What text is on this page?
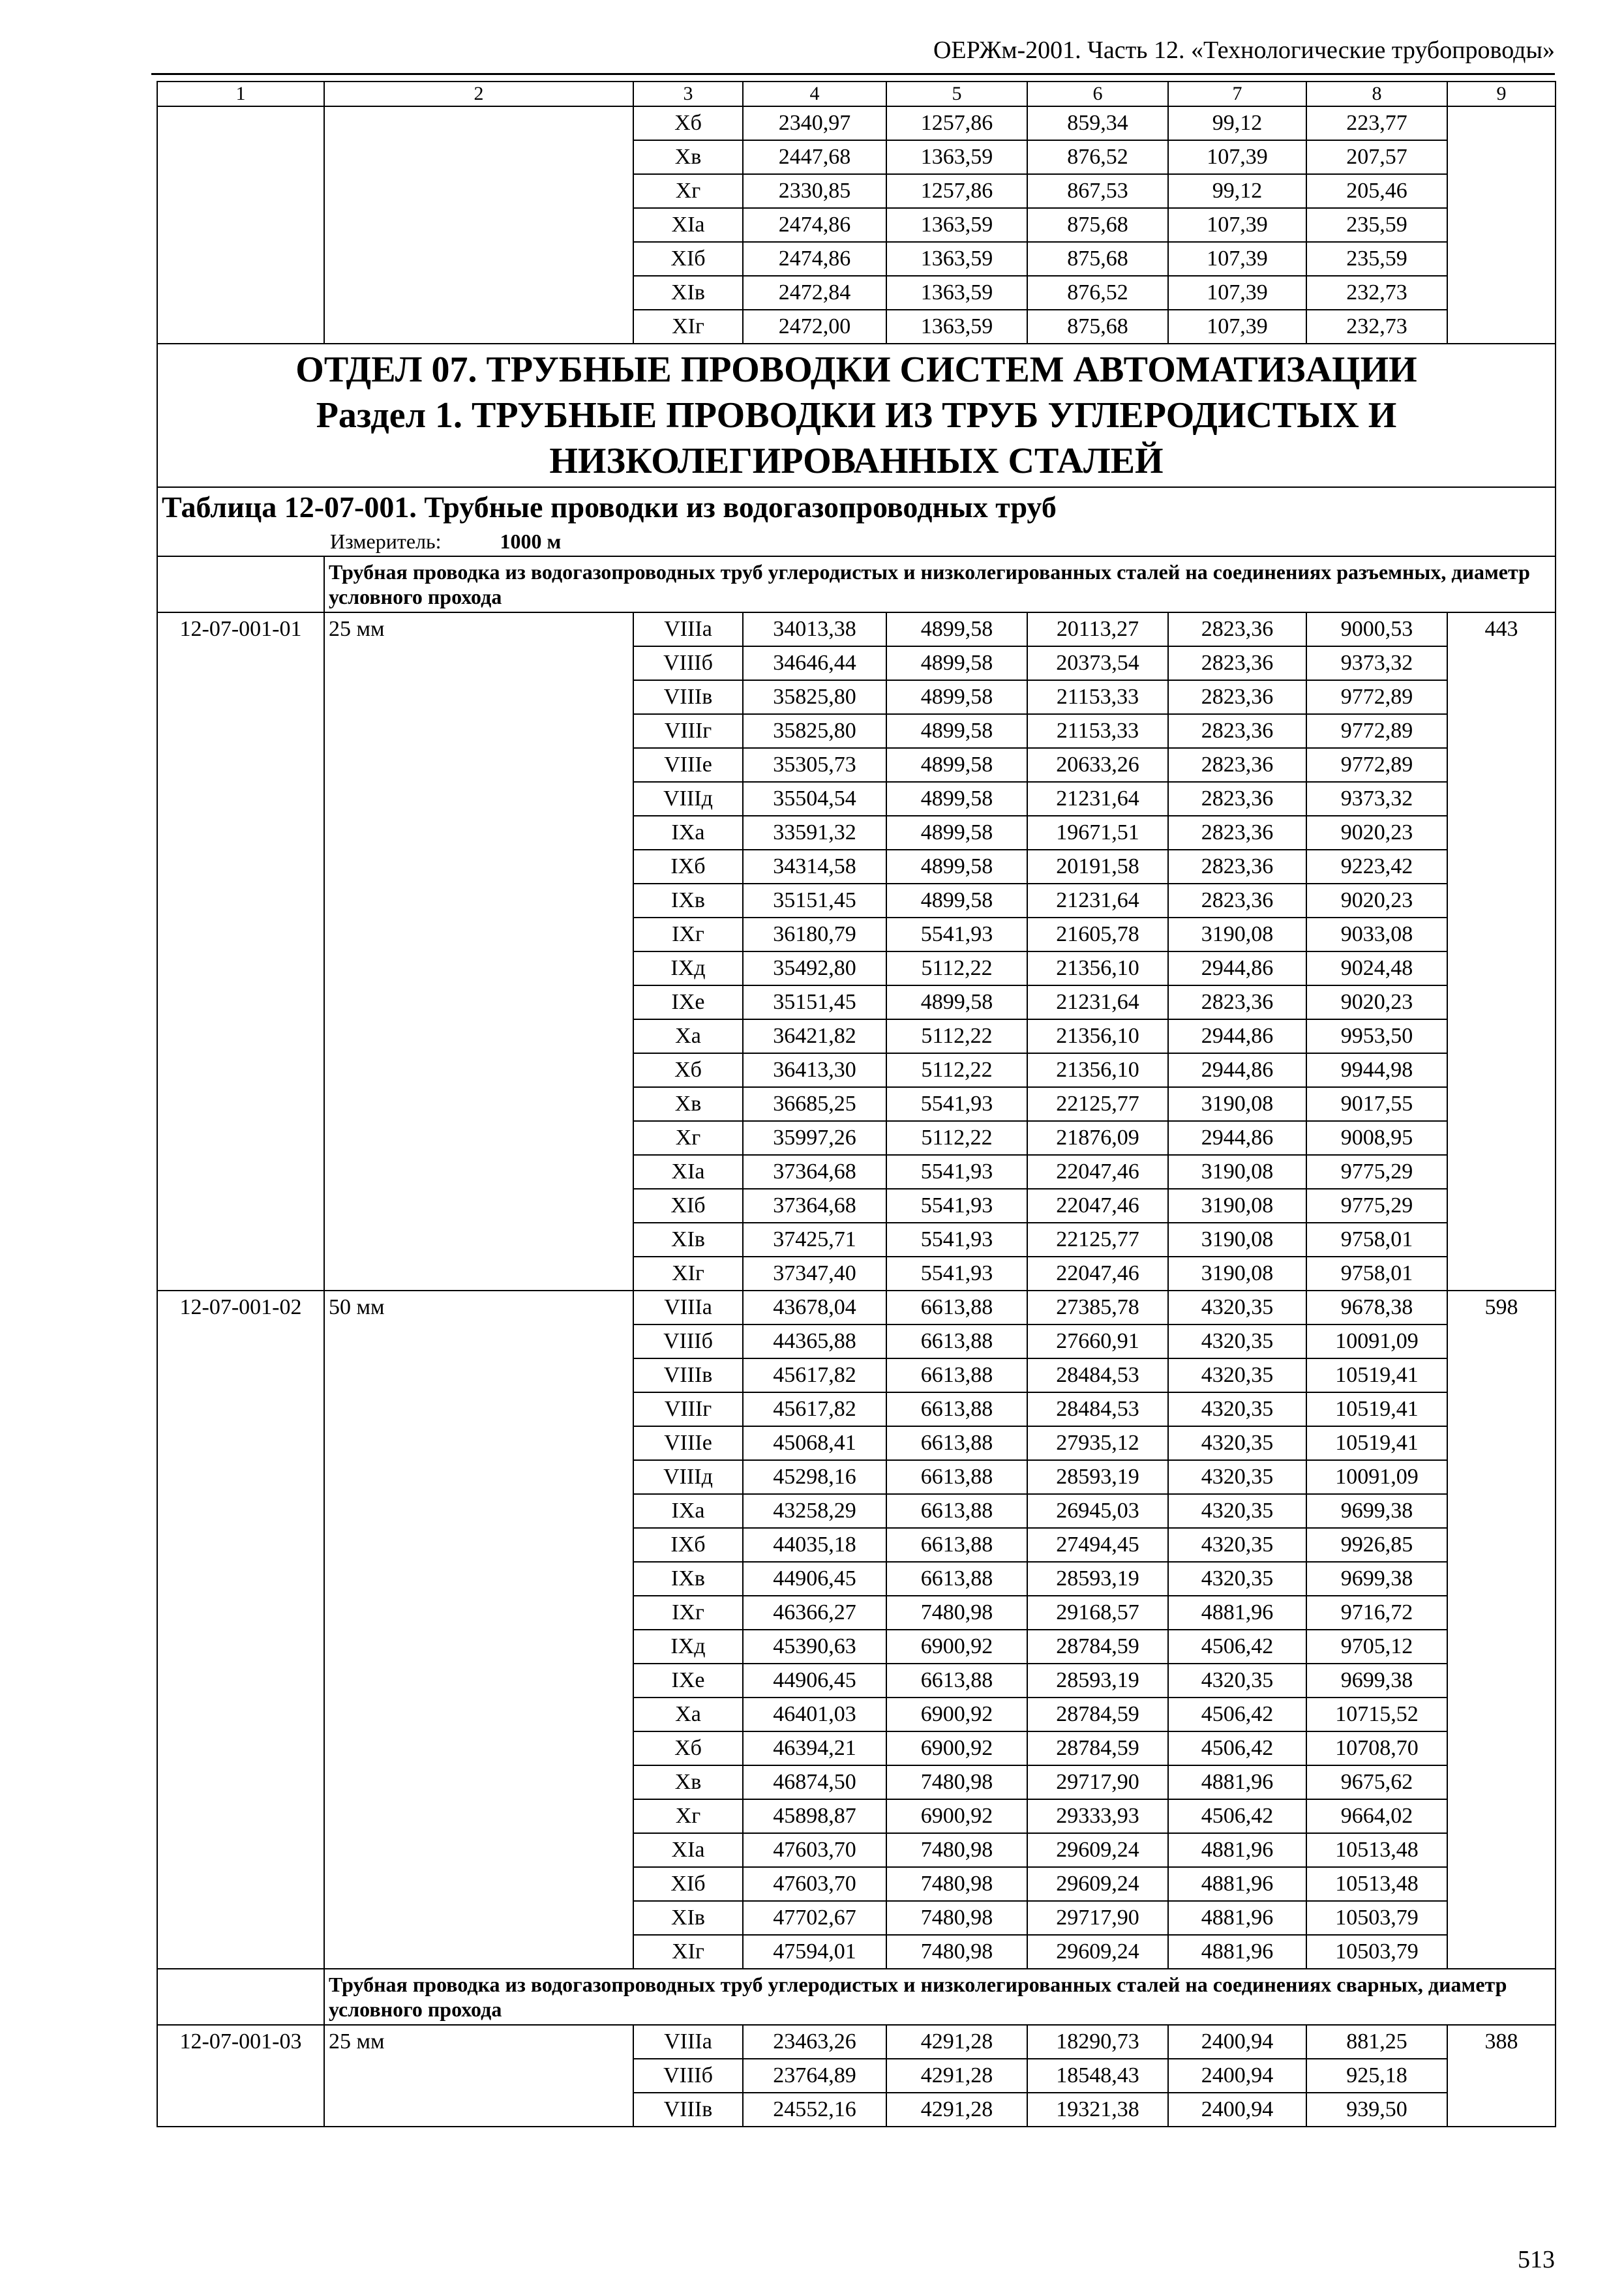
ОЕРЖм-2001. Часть 12. «Технологические трубопроводы»
1	2	3	4	5	6	7	8	9
		Хб	2340,97	1257,86	859,34	99,12	223,77	
		Хв	2447,68	1363,59	876,52	107,39	207,57	
		Хг	2330,85	1257,86	867,53	99,12	205,46	
		ХIа	2474,86	1363,59	875,68	107,39	235,59	
		ХIб	2474,86	1363,59	875,68	107,39	235,59	
		ХIв	2472,84	1363,59	876,52	107,39	232,73	
		ХIг	2472,00	1363,59	875,68	107,39	232,73	

ОТДЕЛ 07. ТРУБНЫЕ ПРОВОДКИ СИСТЕМ АВТОМАТИЗАЦИИ
Раздел 1. ТРУБНЫЕ ПРОВОДКИ ИЗ ТРУБ УГЛЕРОДИСТЫХ И
НИЗКОЛЕГИРОВАННЫХ СТАЛЕЙ								

Таблица 12-07-001. Трубные проводки из водогазопроводных труб
Измеритель: 1000 м								

	Трубная проводка из водогазопроводных труб углеродистых и низколегированных сталей на соединениях разъемных, диаметр условного прохода							
12-07-001-01	25 мм	VIIIа	34013,38	4899,58	20113,27	2823,36	9000,53	443
		VIIIб	34646,44	4899,58	20373,54	2823,36	9373,32	
		VIIIв	35825,80	4899,58	21153,33	2823,36	9772,89	
		VIIIг	35825,80	4899,58	21153,33	2823,36	9772,89	
		VIIIе	35305,73	4899,58	20633,26	2823,36	9772,89	
		VIIIд	35504,54	4899,58	21231,64	2823,36	9373,32	
		IХа	33591,32	4899,58	19671,51	2823,36	9020,23	
		IХб	34314,58	4899,58	20191,58	2823,36	9223,42	
		IХв	35151,45	4899,58	21231,64	2823,36	9020,23	
		IХг	36180,79	5541,93	21605,78	3190,08	9033,08	
		IХд	35492,80	5112,22	21356,10	2944,86	9024,48	
		IХе	35151,45	4899,58	21231,64	2823,36	9020,23	
		Ха	36421,82	5112,22	21356,10	2944,86	9953,50	
		Хб	36413,30	5112,22	21356,10	2944,86	9944,98	
		Хв	36685,25	5541,93	22125,77	3190,08	9017,55	
		Хг	35997,26	5112,22	21876,09	2944,86	9008,95	
		ХIа	37364,68	5541,93	22047,46	3190,08	9775,29	
		ХIб	37364,68	5541,93	22047,46	3190,08	9775,29	
		ХIв	37425,71	5541,93	22125,77	3190,08	9758,01	
		ХIг	37347,40	5541,93	22047,46	3190,08	9758,01	
12-07-001-02	50 мм	VIIIа	43678,04	6613,88	27385,78	4320,35	9678,38	598
		VIIIб	44365,88	6613,88	27660,91	4320,35	10091,09	
		VIIIв	45617,82	6613,88	28484,53	4320,35	10519,41	
		VIIIг	45617,82	6613,88	28484,53	4320,35	10519,41	
		VIIIе	45068,41	6613,88	27935,12	4320,35	10519,41	
		VIIIд	45298,16	6613,88	28593,19	4320,35	10091,09	
		IХа	43258,29	6613,88	26945,03	4320,35	9699,38	
		IХб	44035,18	6613,88	27494,45	4320,35	9926,85	
		IХв	44906,45	6613,88	28593,19	4320,35	9699,38	
		IХг	46366,27	7480,98	29168,57	4881,96	9716,72	
		IХд	45390,63	6900,92	28784,59	4506,42	9705,12	
		IХе	44906,45	6613,88	28593,19	4320,35	9699,38	
		Ха	46401,03	6900,92	28784,59	4506,42	10715,52	
		Хб	46394,21	6900,92	28784,59	4506,42	10708,70	
		Хв	46874,50	7480,98	29717,90	4881,96	9675,62	
		Хг	45898,87	6900,92	29333,93	4506,42	9664,02	
		ХIа	47603,70	7480,98	29609,24	4881,96	10513,48	
		ХIб	47603,70	7480,98	29609,24	4881,96	10513,48	
		ХIв	47702,67	7480,98	29717,90	4881,96	10503,79	
		ХIг	47594,01	7480,98	29609,24	4881,96	10503,79	
	Трубная проводка из водогазопроводных труб углеродистых и низколегированных сталей на соединениях сварных, диаметр условного прохода							
12-07-001-03	25 мм	VIIIа	23463,26	4291,28	18290,73	2400,94	881,25	388
		VIIIб	23764,89	4291,28	18548,43	2400,94	925,18	
		VIIIв	24552,16	4291,28	19321,38	2400,94	939,50	
513
